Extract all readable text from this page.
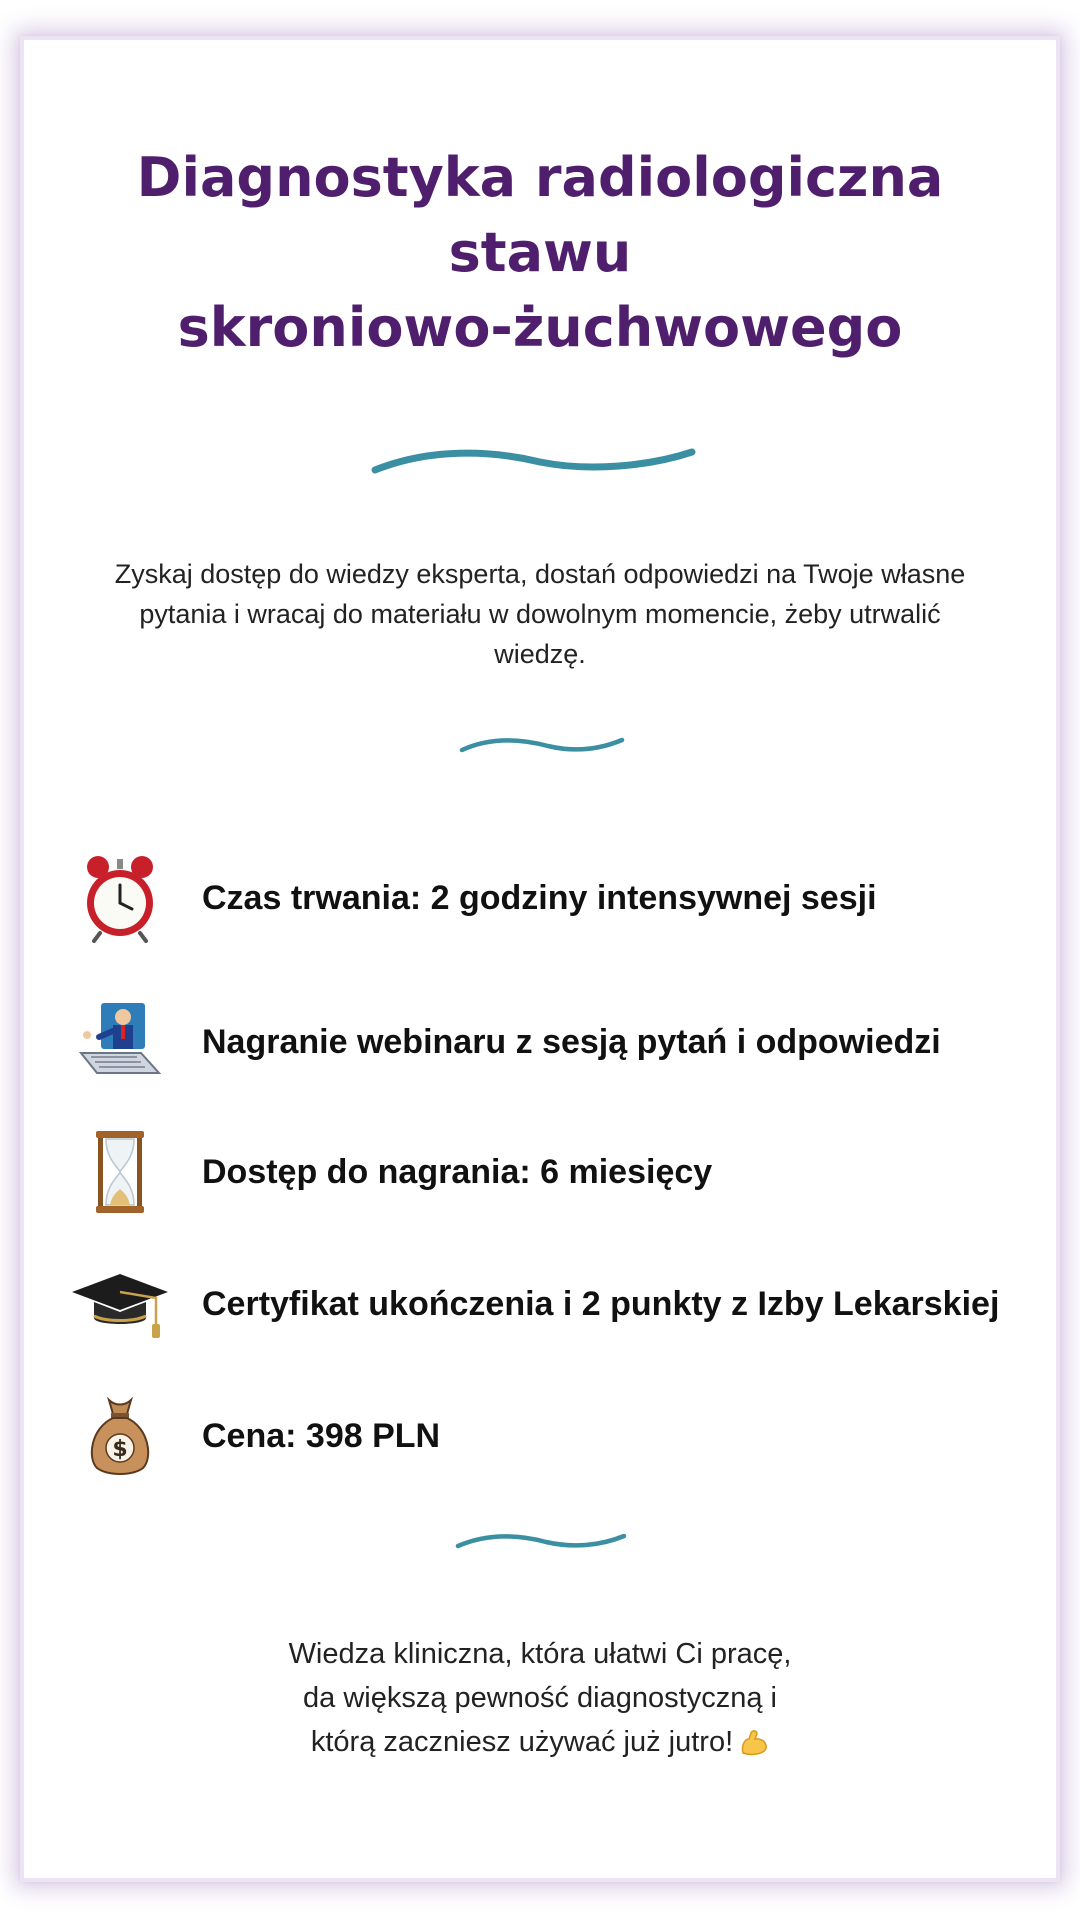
Diagnostyka radiologiczna
stawu
skroniowo-żuchwowego

Zyskaj dostęp do wiedzy eksperta, dostań odpowiedzi na Twoje własne pytania i wracaj do materiału w dowolnym momencie, żeby utrwalić wiedzę.

Czas trwania: 2 godziny intensywnej sesji
Nagranie webinaru z sesją pytań i odpowiedzi
Dostęp do nagrania: 6 miesięcy
Certyfikat ukończenia i 2 punkty z Izby Lekarskiej
$ Cena: 398 PLN

Wiedza kliniczna, która ułatwi Ci pracę,
da większą pewność diagnostyczną i
którą zaczniesz używać już jutro!
